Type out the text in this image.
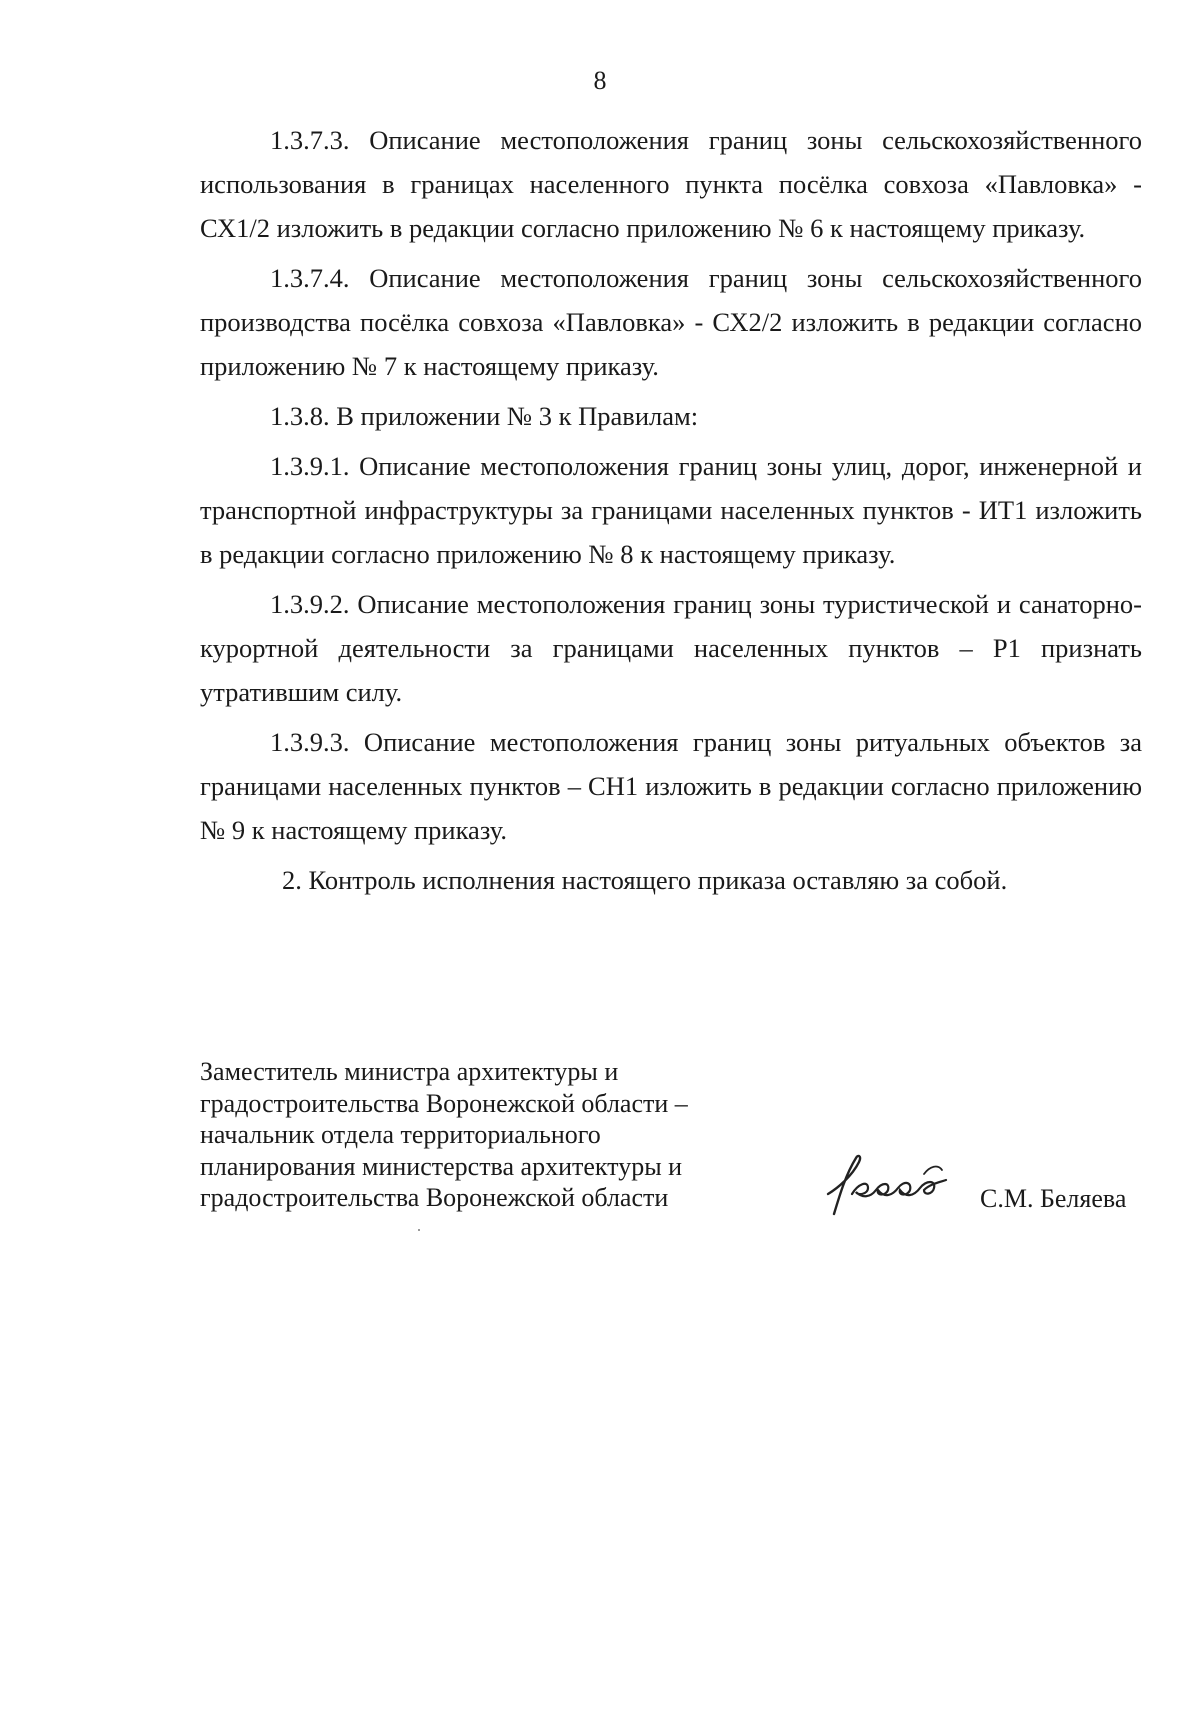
8

1.3.7.3. Описание местоположения границ зоны сельскохозяйственного использования в границах населенного пункта посёлка совхоза «Павловка» - СХ1/2 изложить в редакции согласно приложению № 6 к настоящему приказу.

1.3.7.4. Описание местоположения границ зоны сельскохозяйственного производства посёлка совхоза «Павловка» - СХ2/2 изложить в редакции согласно приложению № 7 к настоящему приказу.

1.3.8. В приложении № 3 к Правилам:

1.3.9.1. Описание местоположения границ зоны улиц, дорог, инженерной и транспортной инфраструктуры за границами населенных пунктов - ИТ1 изложить в редакции согласно приложению № 8 к настоящему приказу.

1.3.9.2. Описание местоположения границ зоны туристической и санаторно-курортной деятельности за границами населенных пунктов – Р1 признать утратившим силу.

1.3.9.3. Описание местоположения границ зоны ритуальных объектов за границами населенных пунктов – СН1 изложить в редакции согласно приложению № 9 к настоящему приказу.

2. Контроль исполнения настоящего приказа оставляю за собой.

Заместитель министра архитектуры и
градостроительства Воронежской области –
начальник отдела территориального
планирования министерства архитектуры и
градостроительства Воронежской области	С.М. Беляева
